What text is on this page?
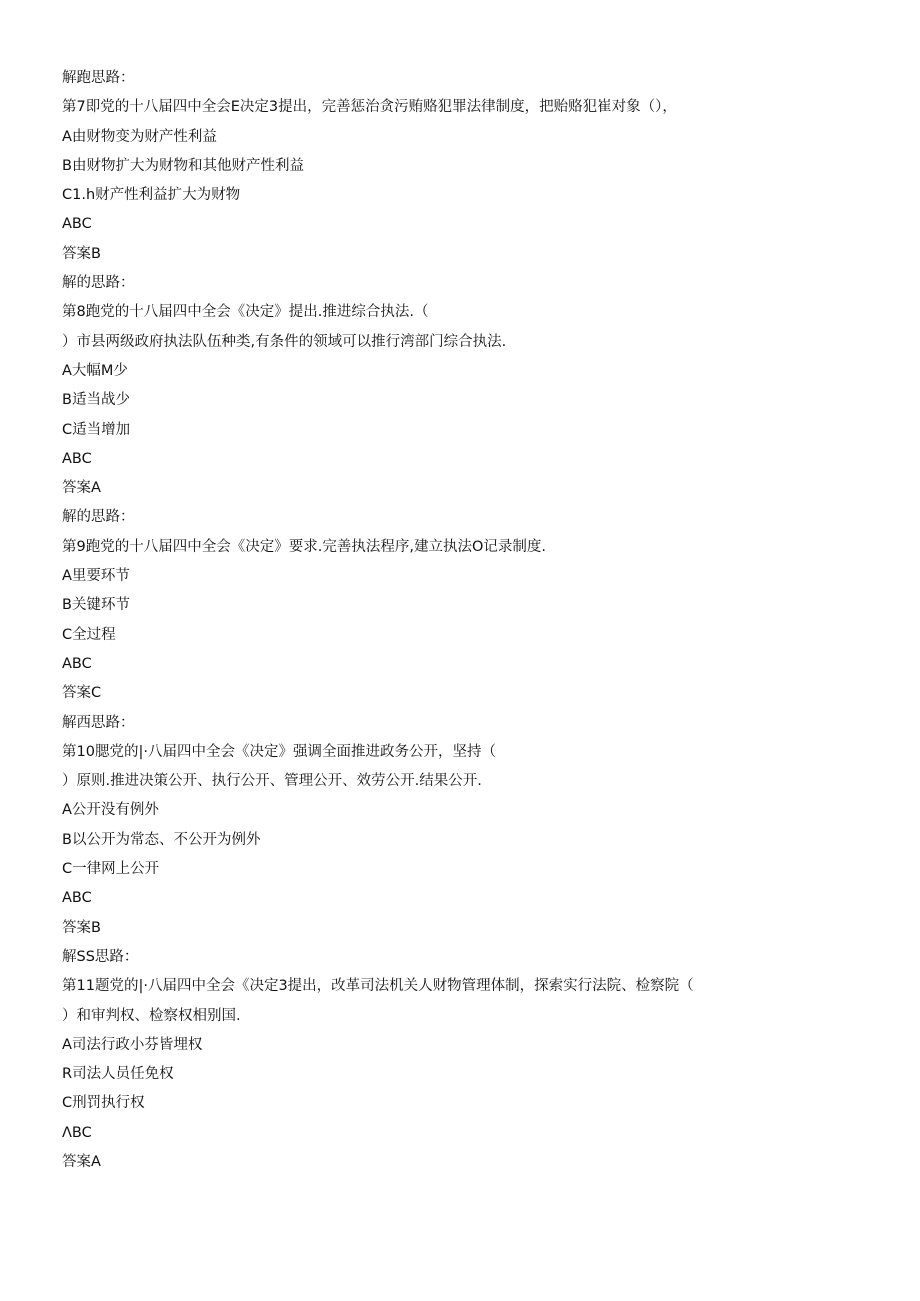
解跑思路：
第7即党的十八届四中全会E决定3提出，完善惩治贪污贿赂犯罪法律制度，把贻赂犯崔对象（），
A由财物变为财产性利益
B由财物扩大为财物和其他财产性利益
C1.h财产性利益扩大为财物
ABC
答案B
解的思路：
第8跑党的十八届四中全会《决定》提出.推进综合执法.（
）市县两级政府执法队伍种类,有条件的领域可以推行湾部门综合执法.
A大幅M少
B适当战少
C适当增加
ABC
答案A
解的思路：
第9跑党的十八届四中全会《决定》要求.完善执法程序,建立执法O记录制度.
A里要环节
B关键环节
C全过程
ABC
答案C
解西思路：
第10腮党的|·八届四中全会《决定》强调全面推进政务公开，坚持（
）原则.推进决策公开、执行公开、管理公开、效劳公开.结果公开.
A公开没有例外
B以公开为常态、不公开为例外
C一律网上公开
ABC
答案B
解SS思路：
第11题党的|·八届四中全会《决定3提出，改革司法机关人财物管理体制，探索实行法院、检察院（
）和审判权、检察权相别国.
A司法行政小芬皆埋权
R司法人员任免权
C刑罚执行权
ΛBC
答案A
